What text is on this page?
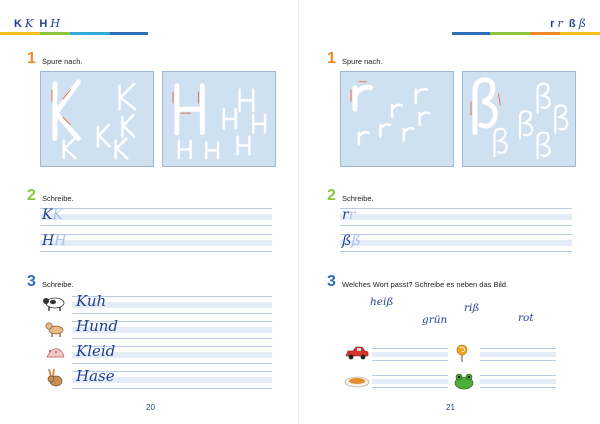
K K H H
1 Spure nach.
2 Schreibe.
KK
HH
3 Schreibe.
Kuh
Hund
Kleid
Hase
20
r r ß ß
1 Spure nach.
2 Schreibe.
rr
ßß
3 Welches Wort passt? Schreibe es neben das Bild.
heiß
grün
riß
rot
21
